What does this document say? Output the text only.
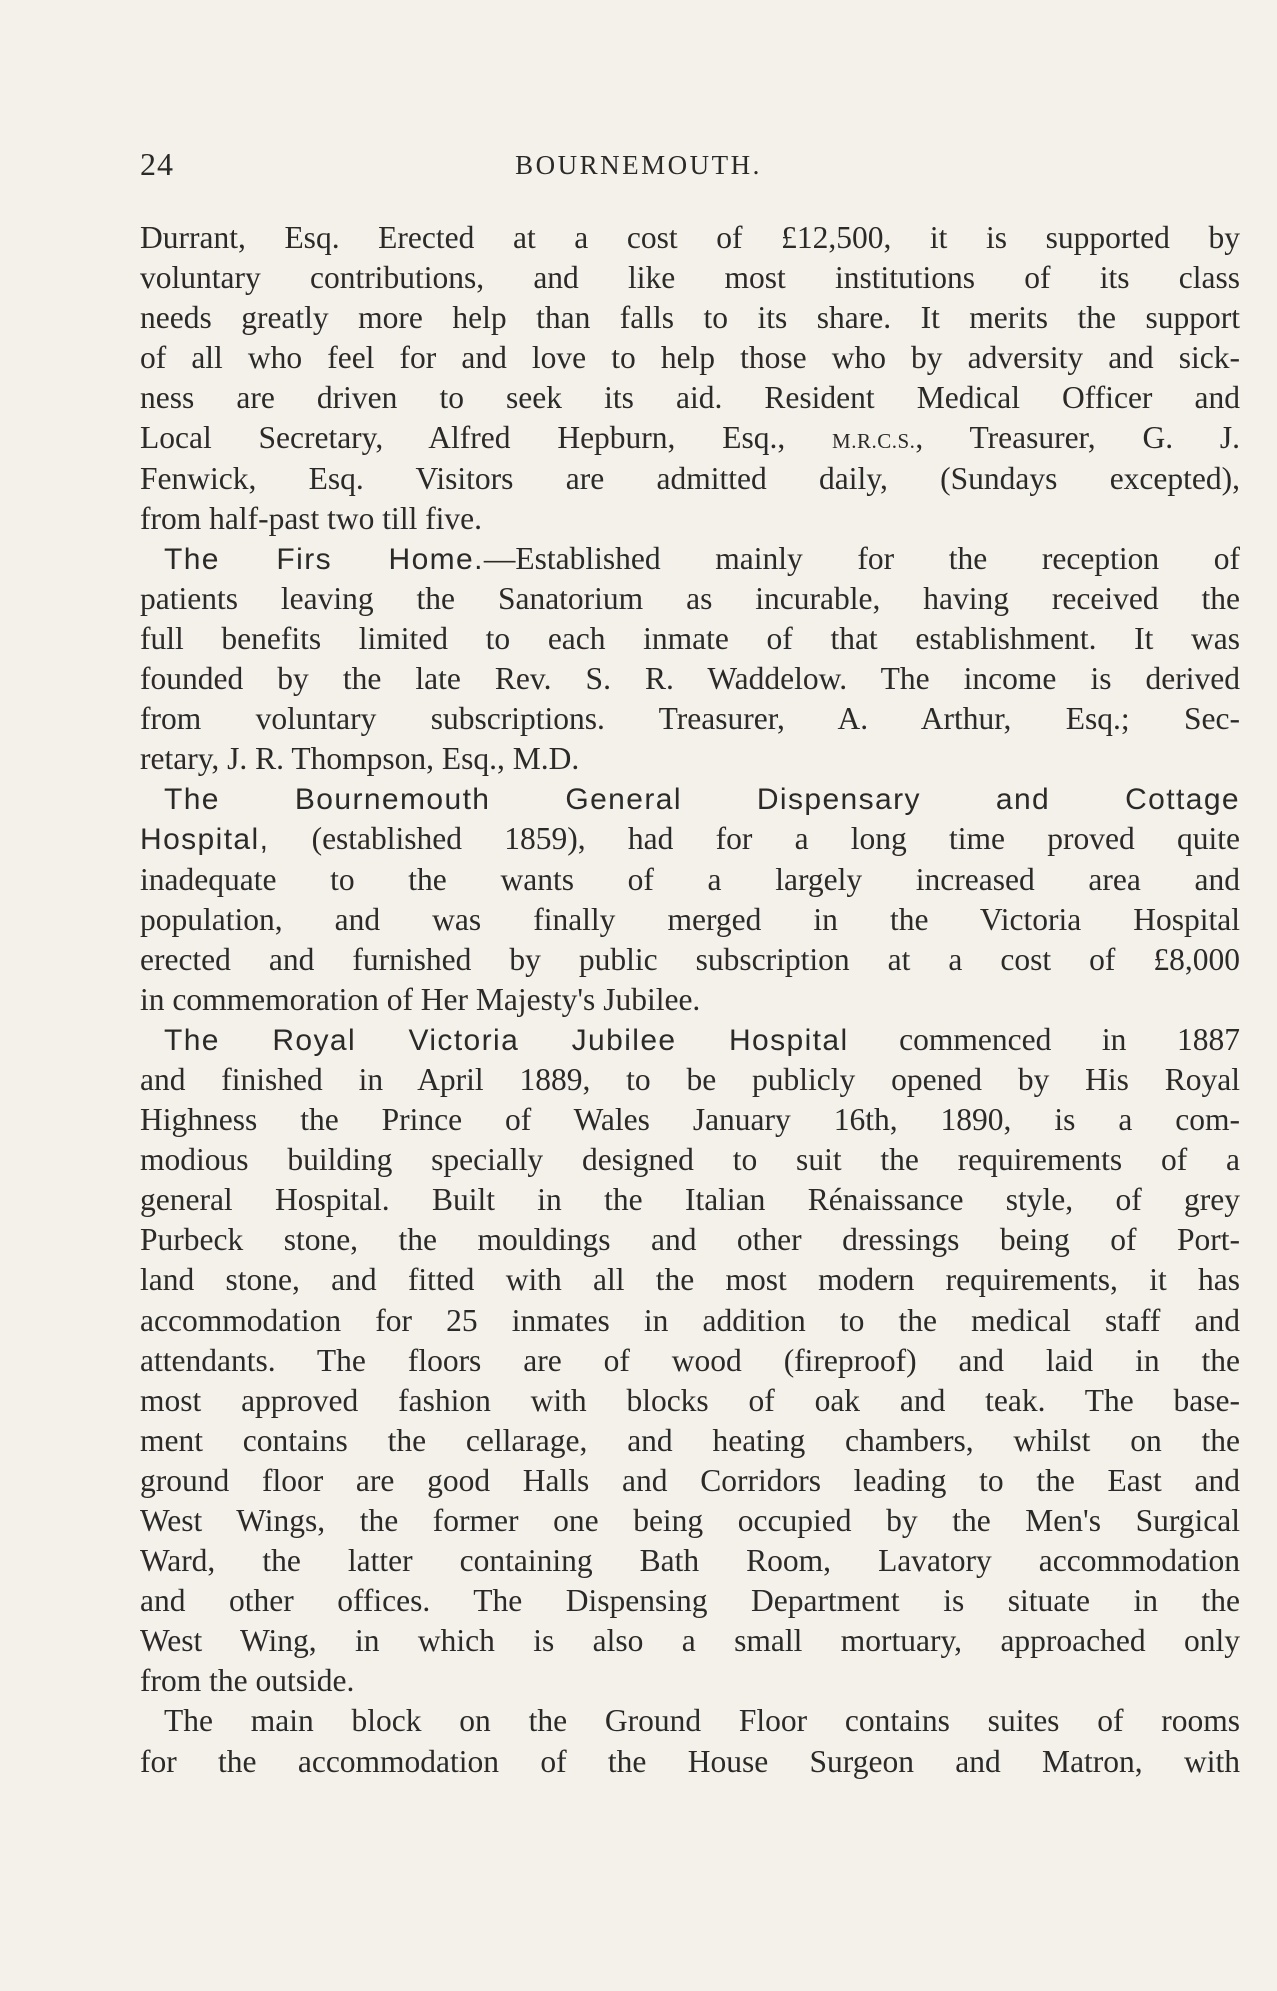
24	BOURNEMOUTH.
Durrant, Esq. Erected at a cost of £12,500, it is supported by
voluntary contributions, and like most institutions of its class
needs greatly more help than falls to its share. It merits the support
of all who feel for and love to help those who by adversity and sick-
ness are driven to seek its aid. Resident Medical Officer and
Local Secretary, Alfred Hepburn, Esq., M.R.C.S., Treasurer, G. J.
Fenwick, Esq. Visitors are admitted daily, (Sundays excepted),
from half-past two till five.
The Firs Home.—Established mainly for the reception of
patients leaving the Sanatorium as incurable, having received the
full benefits limited to each inmate of that establishment. It was
founded by the late Rev. S. R. Waddelow. The income is derived
from voluntary subscriptions. Treasurer, A. Arthur, Esq.; Sec-
retary, J. R. Thompson, Esq., M.D.
The Bournemouth General Dispensary and Cottage
Hospital, (established 1859), had for a long time proved quite
inadequate to the wants of a largely increased area and
population, and was finally merged in the Victoria Hospital
erected and furnished by public subscription at a cost of £8,000
in commemoration of Her Majesty's Jubilee.
The Royal Victoria Jubilee Hospital commenced in 1887
and finished in April 1889, to be publicly opened by His Royal
Highness the Prince of Wales January 16th, 1890, is a com-
modious building specially designed to suit the requirements of a
general Hospital. Built in the Italian Rénaissance style, of grey
Purbeck stone, the mouldings and other dressings being of Port-
land stone, and fitted with all the most modern requirements, it has
accommodation for 25 inmates in addition to the medical staff and
attendants. The floors are of wood (fireproof) and laid in the
most approved fashion with blocks of oak and teak. The base-
ment contains the cellarage, and heating chambers, whilst on the
ground floor are good Halls and Corridors leading to the East and
West Wings, the former one being occupied by the Men's Surgical
Ward, the latter containing Bath Room, Lavatory accommodation
and other offices. The Dispensing Department is situate in the
West Wing, in which is also a small mortuary, approached only
from the outside.
The main block on the Ground Floor contains suites of rooms
for the accommodation of the House Surgeon and Matron, with
